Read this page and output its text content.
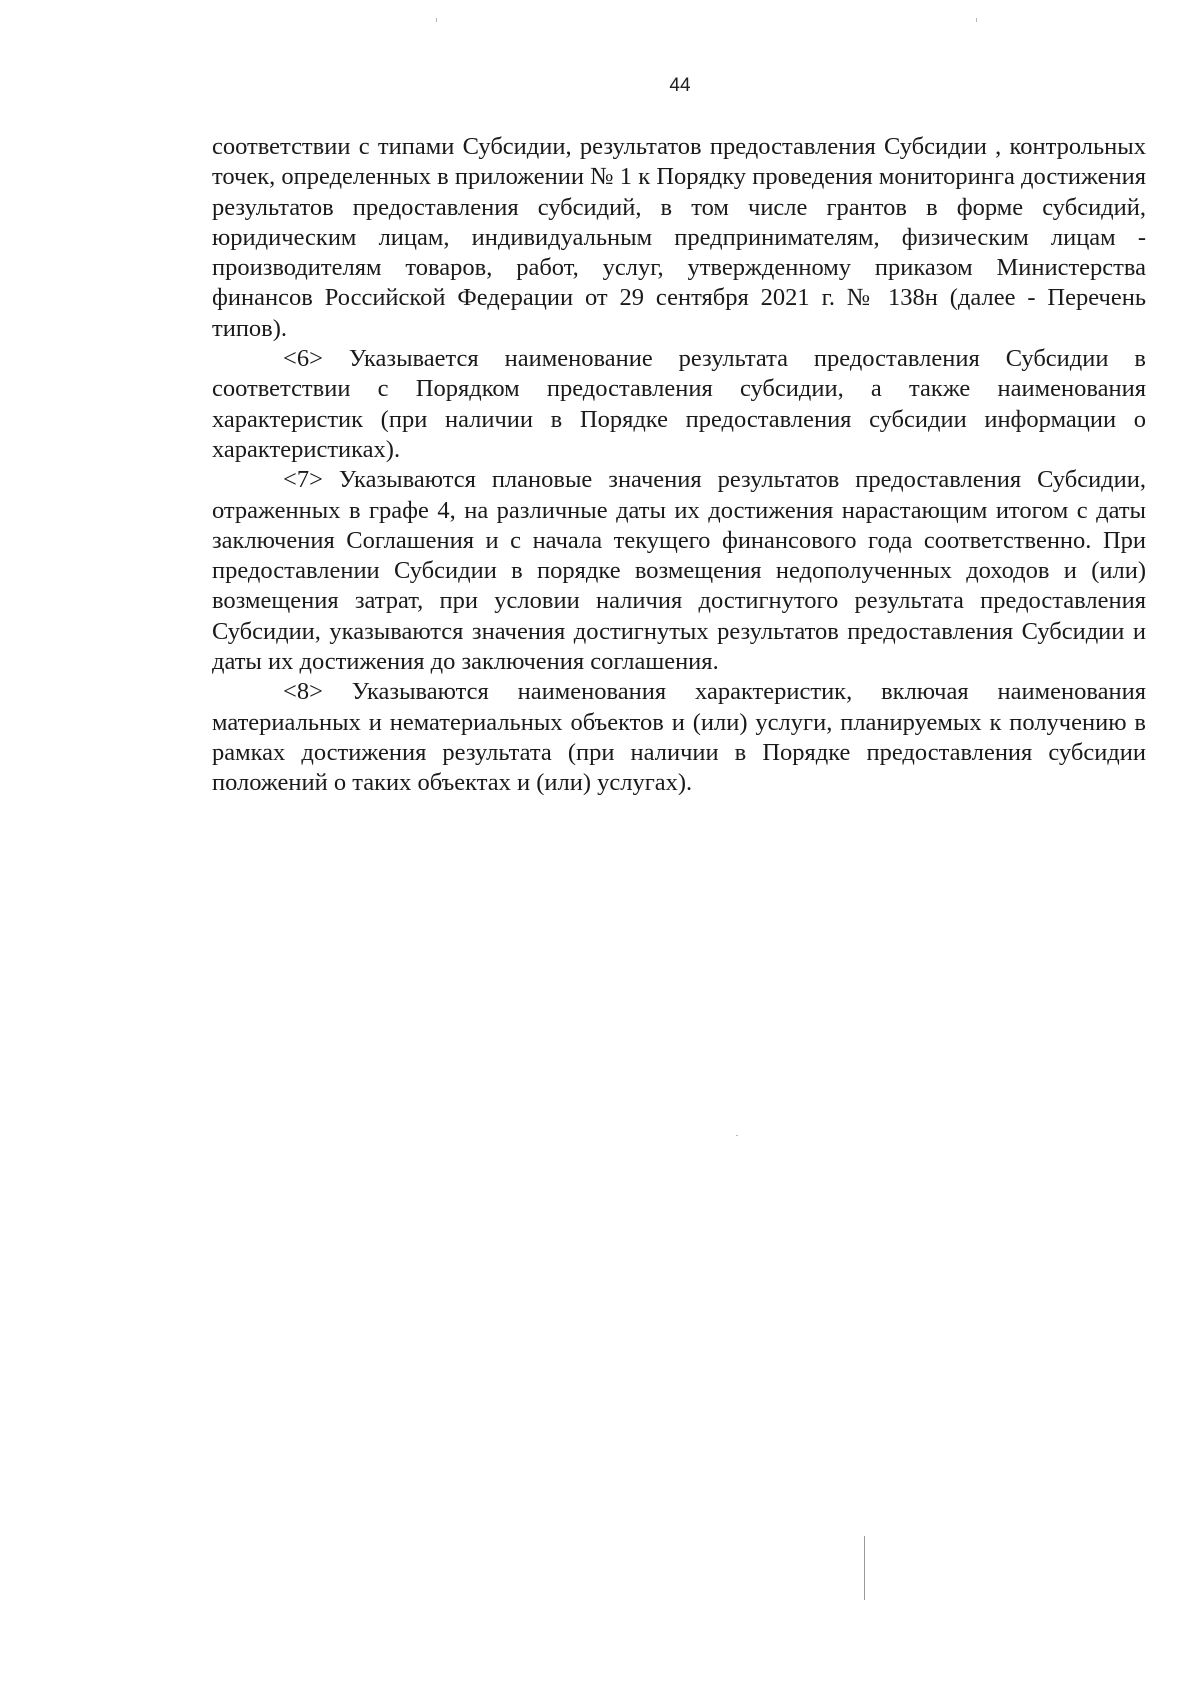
44

соответствии с типами Субсидии, результатов предоставления Субсидии , контрольных точек, определенных в приложении № 1 к Порядку проведения мониторинга достижения результатов предоставления субсидий, в том числе грантов в форме субсидий, юридическим лицам, индивидуальным предпринимателям, физическим лицам - производителям товаров, работ, услуг, утвержденному приказом Министерства финансов Российской Федерации от 29 сентября 2021 г. № 138н (далее - Перечень типов).

<6> Указывается наименование результата предоставления Субсидии в соответствии с Порядком предоставления субсидии, а также наименования характеристик (при наличии в Порядке предоставления субсидии информации о характеристиках).

<7> Указываются плановые значения результатов предоставления Субсидии, отраженных в графе 4, на различные даты их достижения нарастающим итогом с даты заключения Соглашения и с начала текущего финансового года соответственно. При предоставлении Субсидии в порядке возмещения недополученных доходов и (или) возмещения затрат, при условии наличия достигнутого результата предоставления Субсидии, указываются значения достигнутых результатов предоставления Субсидии и даты их достижения до заключения соглашения.

<8> Указываются наименования характеристик, включая наименования материальных и нематериальных объектов и (или) услуги, планируемых к получению в рамках достижения результата (при наличии в Порядке предоставления субсидии положений о таких объектах и (или) услугах).
